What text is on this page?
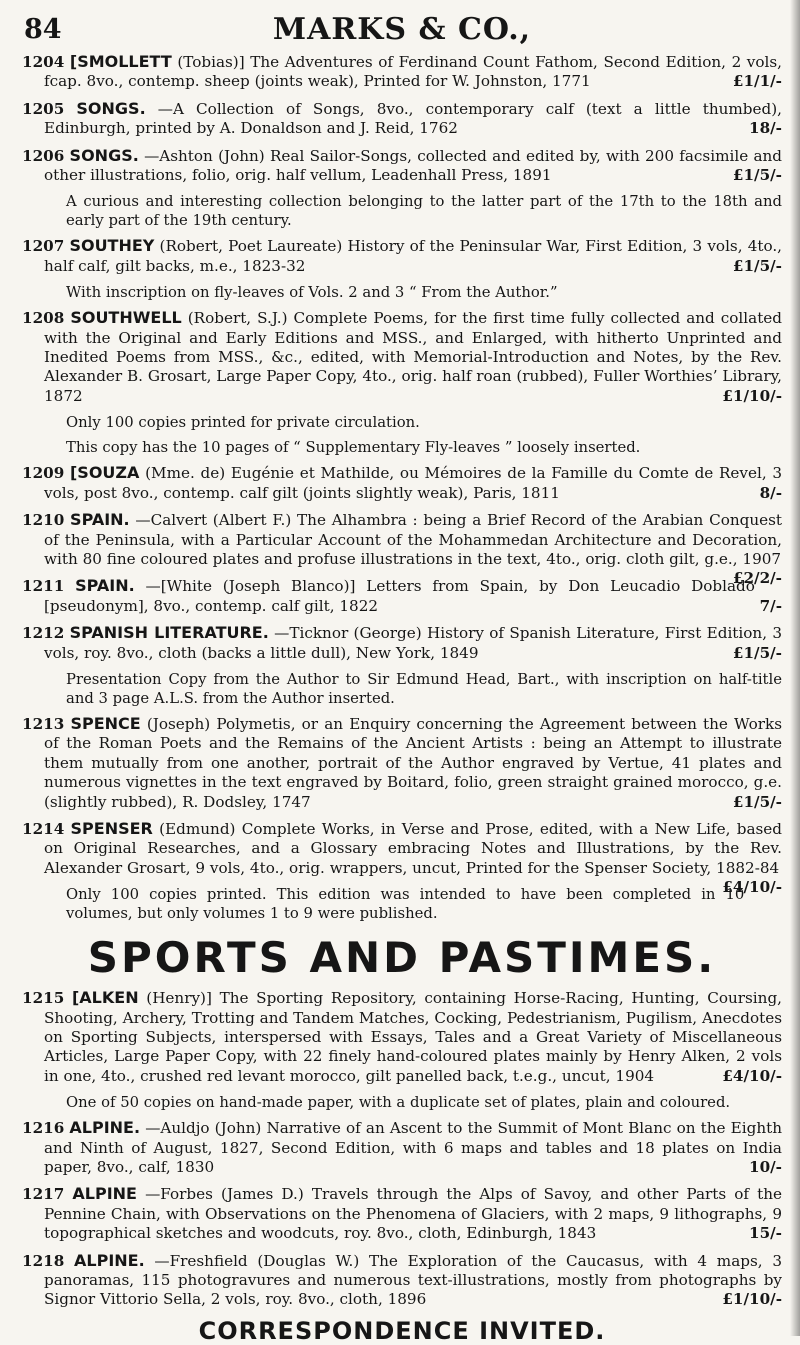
84	MARKS & CO.,
1204 [SMOLLETT (Tobias)] The Adventures of Ferdinand Count Fathom, Second Edition, 2 vols, fcap. 8vo., contemp. sheep (joints weak), Printed for W. Johnston, 1771	£1/1/-
1205 SONGS. —A Collection of Songs, 8vo., contemporary calf (text a little thumbed), Edinburgh, printed by A. Donaldson and J. Reid, 1762	18/-
1206 SONGS. —Ashton (John) Real Sailor-Songs, collected and edited by, with 200 facsimile and other illustrations, folio, orig. half vellum, Leadenhall Press, 1891	£1/5/-
A curious and interesting collection belonging to the latter part of the 17th to the 18th and early part of the 19th century.
1207 SOUTHEY (Robert, Poet Laureate) History of the Peninsular War, First Edition, 3 vols, 4to., half calf, gilt backs, m.e., 1823-32	£1/5/-
With inscription on fly-leaves of Vols. 2 and 3 “ From the Author.”
1208 SOUTHWELL (Robert, S.J.) Complete Poems, for the first time fully collected and collated with the Original and Early Editions and MSS., and Enlarged, with hitherto Unprinted and Inedited Poems from MSS., &c., edited, with Memorial-Introduction and Notes, by the Rev. Alexander B. Grosart, Large Paper Copy, 4to., orig. half roan (rubbed), Fuller Worthies’ Library, 1872	£1/10/-
Only 100 copies printed for private circulation.
This copy has the 10 pages of “ Supplementary Fly-leaves ” loosely inserted.
1209 [SOUZA (Mme. de) Eugénie et Mathilde, ou Mémoires de la Famille du Comte de Revel, 3 vols, post 8vo., contemp. calf gilt (joints slightly weak), Paris, 1811	8/-
1210 SPAIN. —Calvert (Albert F.) The Alhambra : being a Brief Record of the Arabian Conquest of the Peninsula, with a Particular Account of the Mohammedan Architecture and Decoration, with 80 fine coloured plates and profuse illustrations in the text, 4to., orig. cloth gilt, g.e., 1907
£2/2/-
1211 SPAIN. —[White (Joseph Blanco)] Letters from Spain, by Don Leucadio Doblado [pseudonym], 8vo., contemp. calf gilt, 1822	7/-
1212 SPANISH LITERATURE. —Ticknor (George) History of Spanish Literature, First Edition, 3 vols, roy. 8vo., cloth (backs a little dull), New York, 1849	£1/5/-
Presentation Copy from the Author to Sir Edmund Head, Bart., with inscription on half-title and 3 page A.L.S. from the Author inserted.
1213 SPENCE (Joseph) Polymetis, or an Enquiry concerning the Agreement between the Works of the Roman Poets and the Remains of the Ancient Artists : being an Attempt to illustrate them mutually from one another, portrait of the Author engraved by Vertue, 41 plates and numerous vignettes in the text engraved by Boitard, folio, green straight grained morocco, g.e. (slightly rubbed), R. Dodsley, 1747	£1/5/-
1214 SPENSER (Edmund) Complete Works, in Verse and Prose, edited, with a New Life, based on Original Researches, and a Glossary embracing Notes and Illustrations, by the Rev. Alexander Grosart, 9 vols, 4to., orig. wrappers, uncut, Printed for the Spenser Society, 1882-84
£4/10/-
Only 100 copies printed. This edition was intended to have been completed in 10 volumes, but only volumes 1 to 9 were published.
SPORTS AND PASTIMES.
1215 [ALKEN (Henry)] The Sporting Repository, containing Horse-Racing, Hunting, Coursing, Shooting, Archery, Trotting and Tandem Matches, Cocking, Pedestrianism, Pugilism, Anecdotes on Sporting Subjects, interspersed with Essays, Tales and a Great Variety of Miscellaneous Articles, Large Paper Copy, with 22 finely hand-coloured plates mainly by Henry Alken, 2 vols in one, 4to., crushed red levant morocco, gilt panelled back, t.e.g., uncut, 1904	£4/10/-
One of 50 copies on hand-made paper, with a duplicate set of plates, plain and coloured.
1216 ALPINE. —Auldjo (John) Narrative of an Ascent to the Summit of Mont Blanc on the Eighth and Ninth of August, 1827, Second Edition, with 6 maps and tables and 18 plates on India paper, 8vo., calf, 1830	10/-
1217 ALPINE —Forbes (James D.) Travels through the Alps of Savoy, and other Parts of the Pennine Chain, with Observations on the Phenomena of Glaciers, with 2 maps, 9 lithographs, 9 topographical sketches and woodcuts, roy. 8vo., cloth, Edinburgh, 1843	15/-
1218 ALPINE. —Freshfield (Douglas W.) The Exploration of the Caucasus, with 4 maps, 3 panoramas, 115 photogravures and numerous text-illustrations, mostly from photographs by Signor Vittorio Sella, 2 vols, roy. 8vo., cloth, 1896	£1/10/-
CORRESPONDENCE INVITED.
